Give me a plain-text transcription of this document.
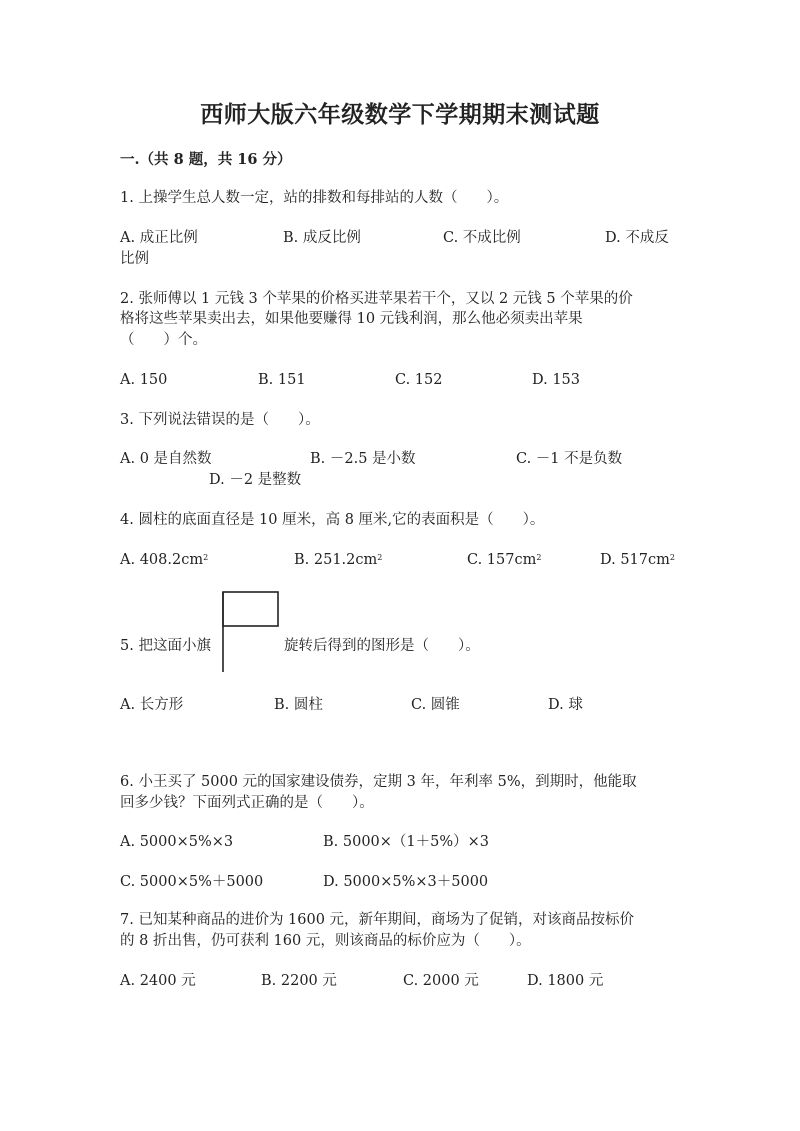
西师大版六年级数学下学期期末测试题
一.（共 8 题，共 16 分）
1. 上操学生总人数一定，站的排数和每排站的人数（　　）。
A. 成正比例	B. 成反比例	C. 不成比例	D. 不成反
比例
2. 张师傅以 1 元钱 3 个苹果的价格买进苹果若干个，又以 2 元钱 5 个苹果的价
格将这些苹果卖出去，如果他要赚得 10 元钱利润，那么他必须卖出苹果
（　　）个。
A. 150	B. 151	C. 152	D. 153
3. 下列说法错误的是（　　）。
A. 0 是自然数	B. －2.5 是小数	C. －1 不是负数
D. －2 是整数
4. 圆柱的底面直径是 10 厘米，高 8 厘米,它的表面积是（　　）。
A. $408.2cm^2$	B. $251.2cm^2$	C. $157cm^2$	D. $517cm^2$
5. 把这面小旗	旋转后得到的图形是（　　）。
A. 长方形	B. 圆柱	C. 圆锥	D. 球
6. 小王买了 5000 元的国家建设债券，定期 3 年，年利率 5%，到期时，他能取
回多少钱？下面列式正确的是（　　）。
A. 5000×5%×3	B. 5000×（1＋5%）×3
C. 5000×5%＋5000	D. 5000×5%×3＋5000
7. 已知某种商品的进价为 1600 元，新年期间，商场为了促销，对该商品按标价
的 8 折出售，仍可获利 160 元，则该商品的标价应为（　　）。
A. 2400 元	B. 2200 元	C. 2000 元	D. 1800 元
